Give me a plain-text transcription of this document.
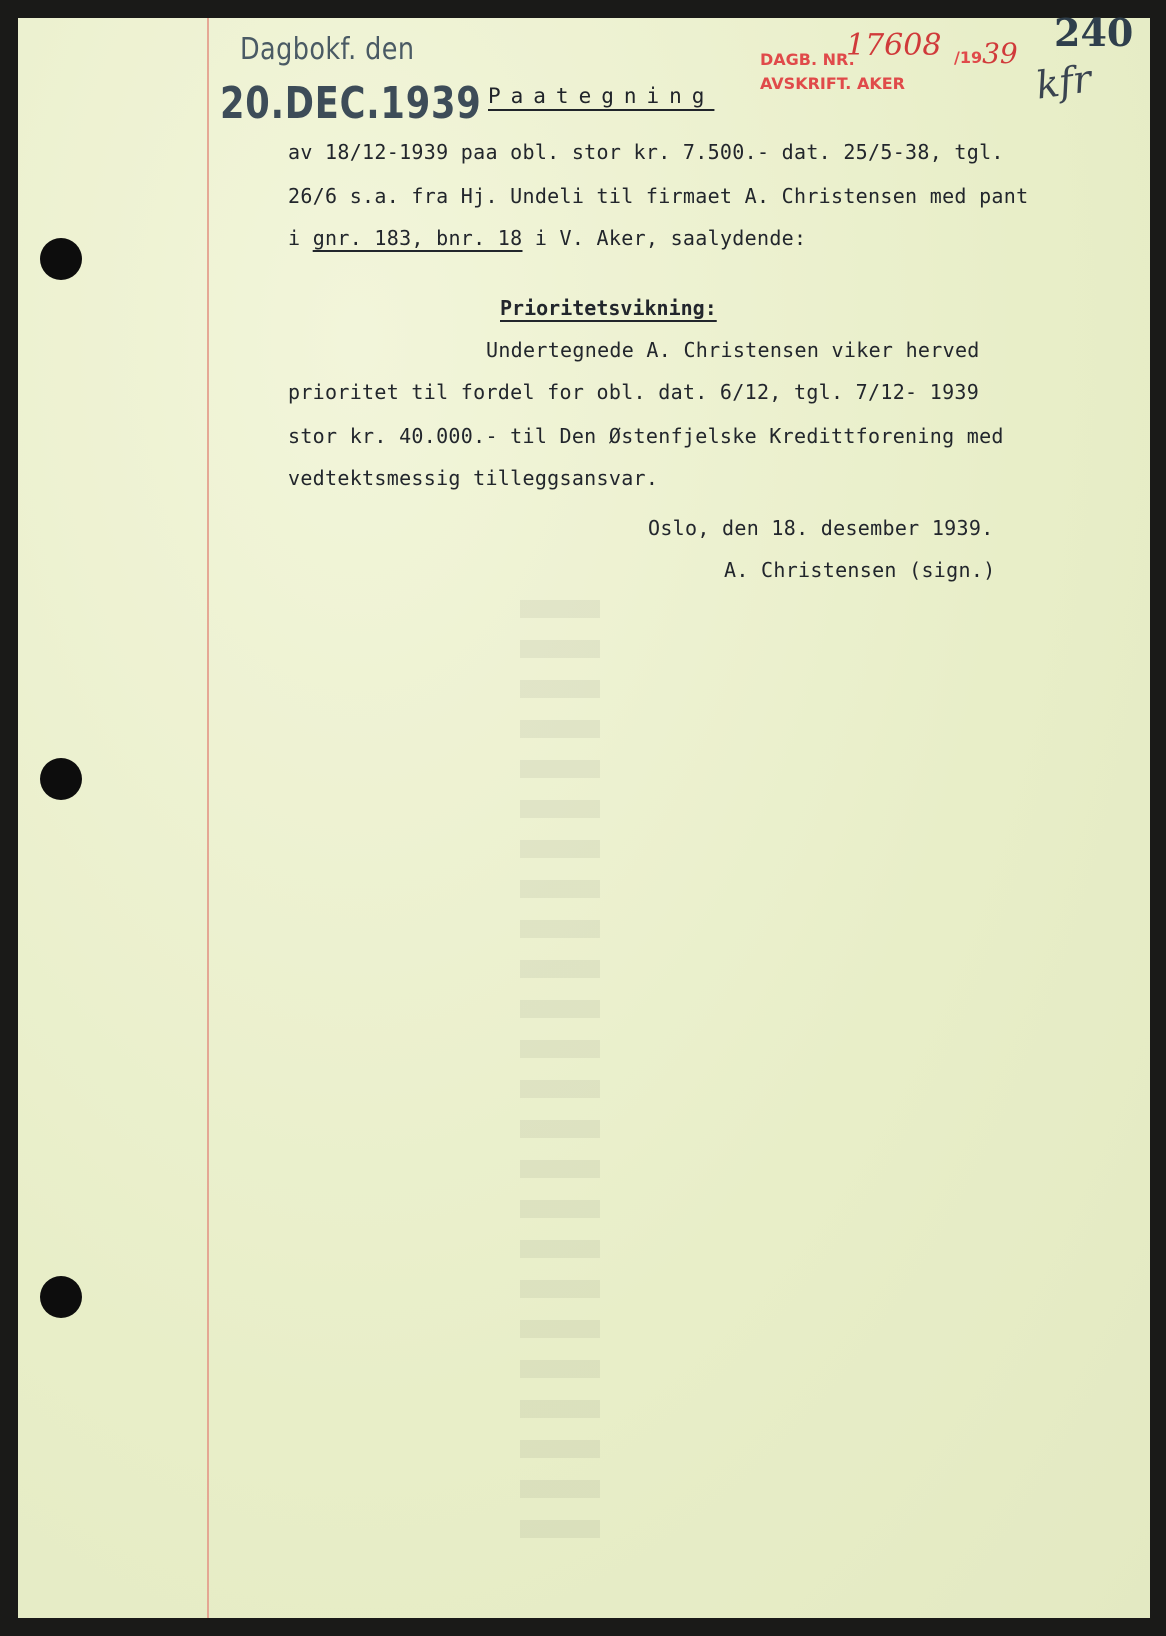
Dagbokf. den
20.DEC.1939
DAGB. NR.
AVSKRIFT. AKER
17608 /1939 240
kfr
Paategning
av 18/12-1939 paa obl. stor kr. 7.500.- dat. 25/5-38, tgl.
26/6 s.a. fra Hj. Undeli til firmaet A. Christensen med pant
i gnr. 183, bnr. 18 i V. Aker, saalydende:
Prioritetsvikning:
Undertegnede A. Christensen viker herved
prioritet til fordel for obl. dat. 6/12, tgl. 7/12- 1939
stor kr. 40.000.- til Den Østenfjelske Kredittforening med
vedtektsmessig tilleggsansvar.
Oslo, den 18. desember 1939.
A. Christensen (sign.)
